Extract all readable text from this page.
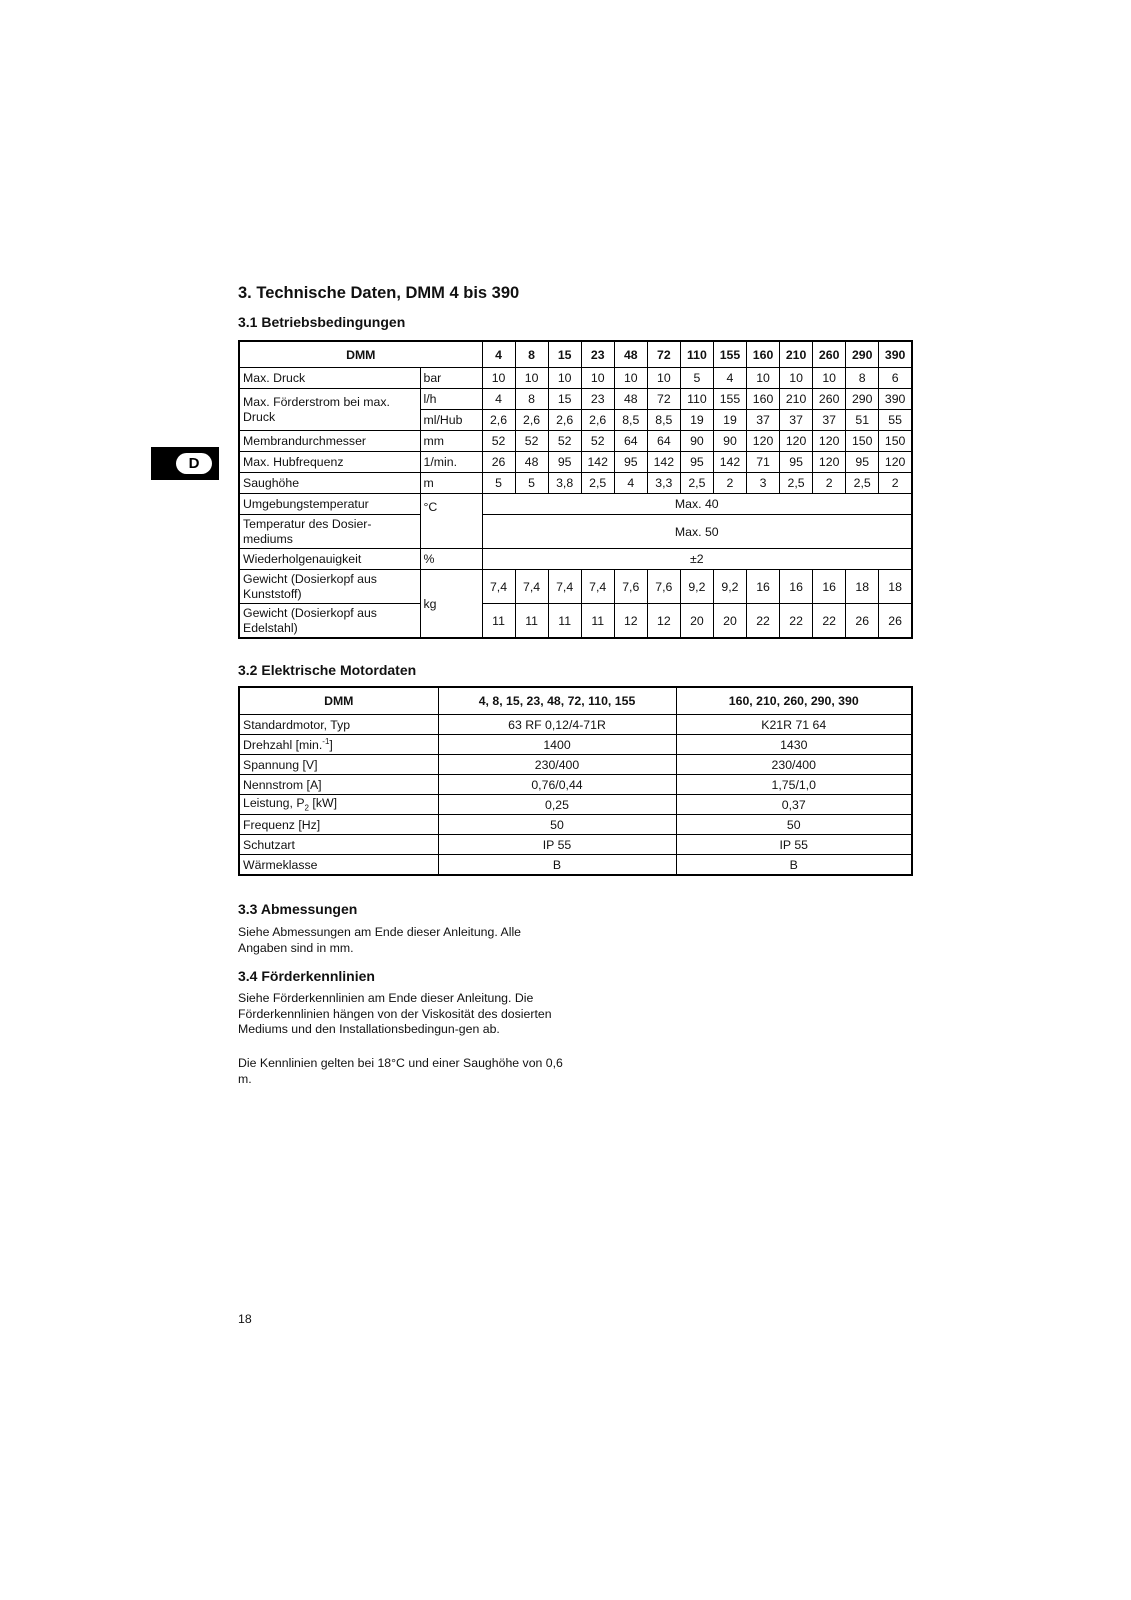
3. Technische Daten, DMM 4 bis 390
3.1 Betriebsbedingungen
D
DMM		4	8	15	23	48	72	110	155	160	210	260	290	390
Max. Druck	bar	10	10	10	10	10	10	5	4	10	10	10	8	6
Max. Förderstrom bei max. Druck	l/h	4	8	15	23	48	72	110	155	160	210	260	290	390
	ml/Hub	2,6	2,6	2,6	2,6	8,5	8,5	19	19	37	37	37	51	55
Membrandurchmesser	mm	52	52	52	52	64	64	90	90	120	120	120	150	150
Max. Hubfrequenz	1/min.	26	48	95	142	95	142	95	142	71	95	120	95	120
Saughöhe	m	5	5	3,8	2,5	4	3,3	2,5	2	3	2,5	2	2,5	2
Umgebungstemperatur	°C	Max. 40												
Temperatur des Dosier-mediums		Max. 50												
Wiederholgenauigkeit	%	±2												
Gewicht (Dosierkopf aus Kunststoff)	kg	7,4	7,4	7,4	7,4	7,6	7,6	9,2	9,2	16	16	16	18	18
Gewicht (Dosierkopf aus Edelstahl)		11	11	11	11	12	12	20	20	22	22	22	26	26
3.2 Elektrische Motordaten
DMM	4, 8, 15, 23, 48, 72, 110, 155	160, 210, 260, 290, 390
Standardmotor, Typ	63 RF 0,12/4-71R	K21R 71 64
Drehzahl [min.$^{-1}$]	1400	1430
Spannung [V]	230/400	230/400
Nennstrom [A]	0,76/0,44	1,75/1,0
Leistung, $P_2$ [kW]	0,25	0,37
Frequenz [Hz]	50	50
Schutzart	IP 55	IP 55
Wärmeklasse	B	B
3.3 Abmessungen

Siehe Abmessungen am Ende dieser Anleitung. Alle Angaben sind in mm.

3.4 Förderkennlinien

Siehe Förderkennlinien am Ende dieser Anleitung. Die Förderkennlinien hängen von der Viskosität des dosierten Mediums und den Installationsbedingun-gen ab.

Die Kennlinien gelten bei 18°C und einer Saughöhe von 0,6 m.

18
